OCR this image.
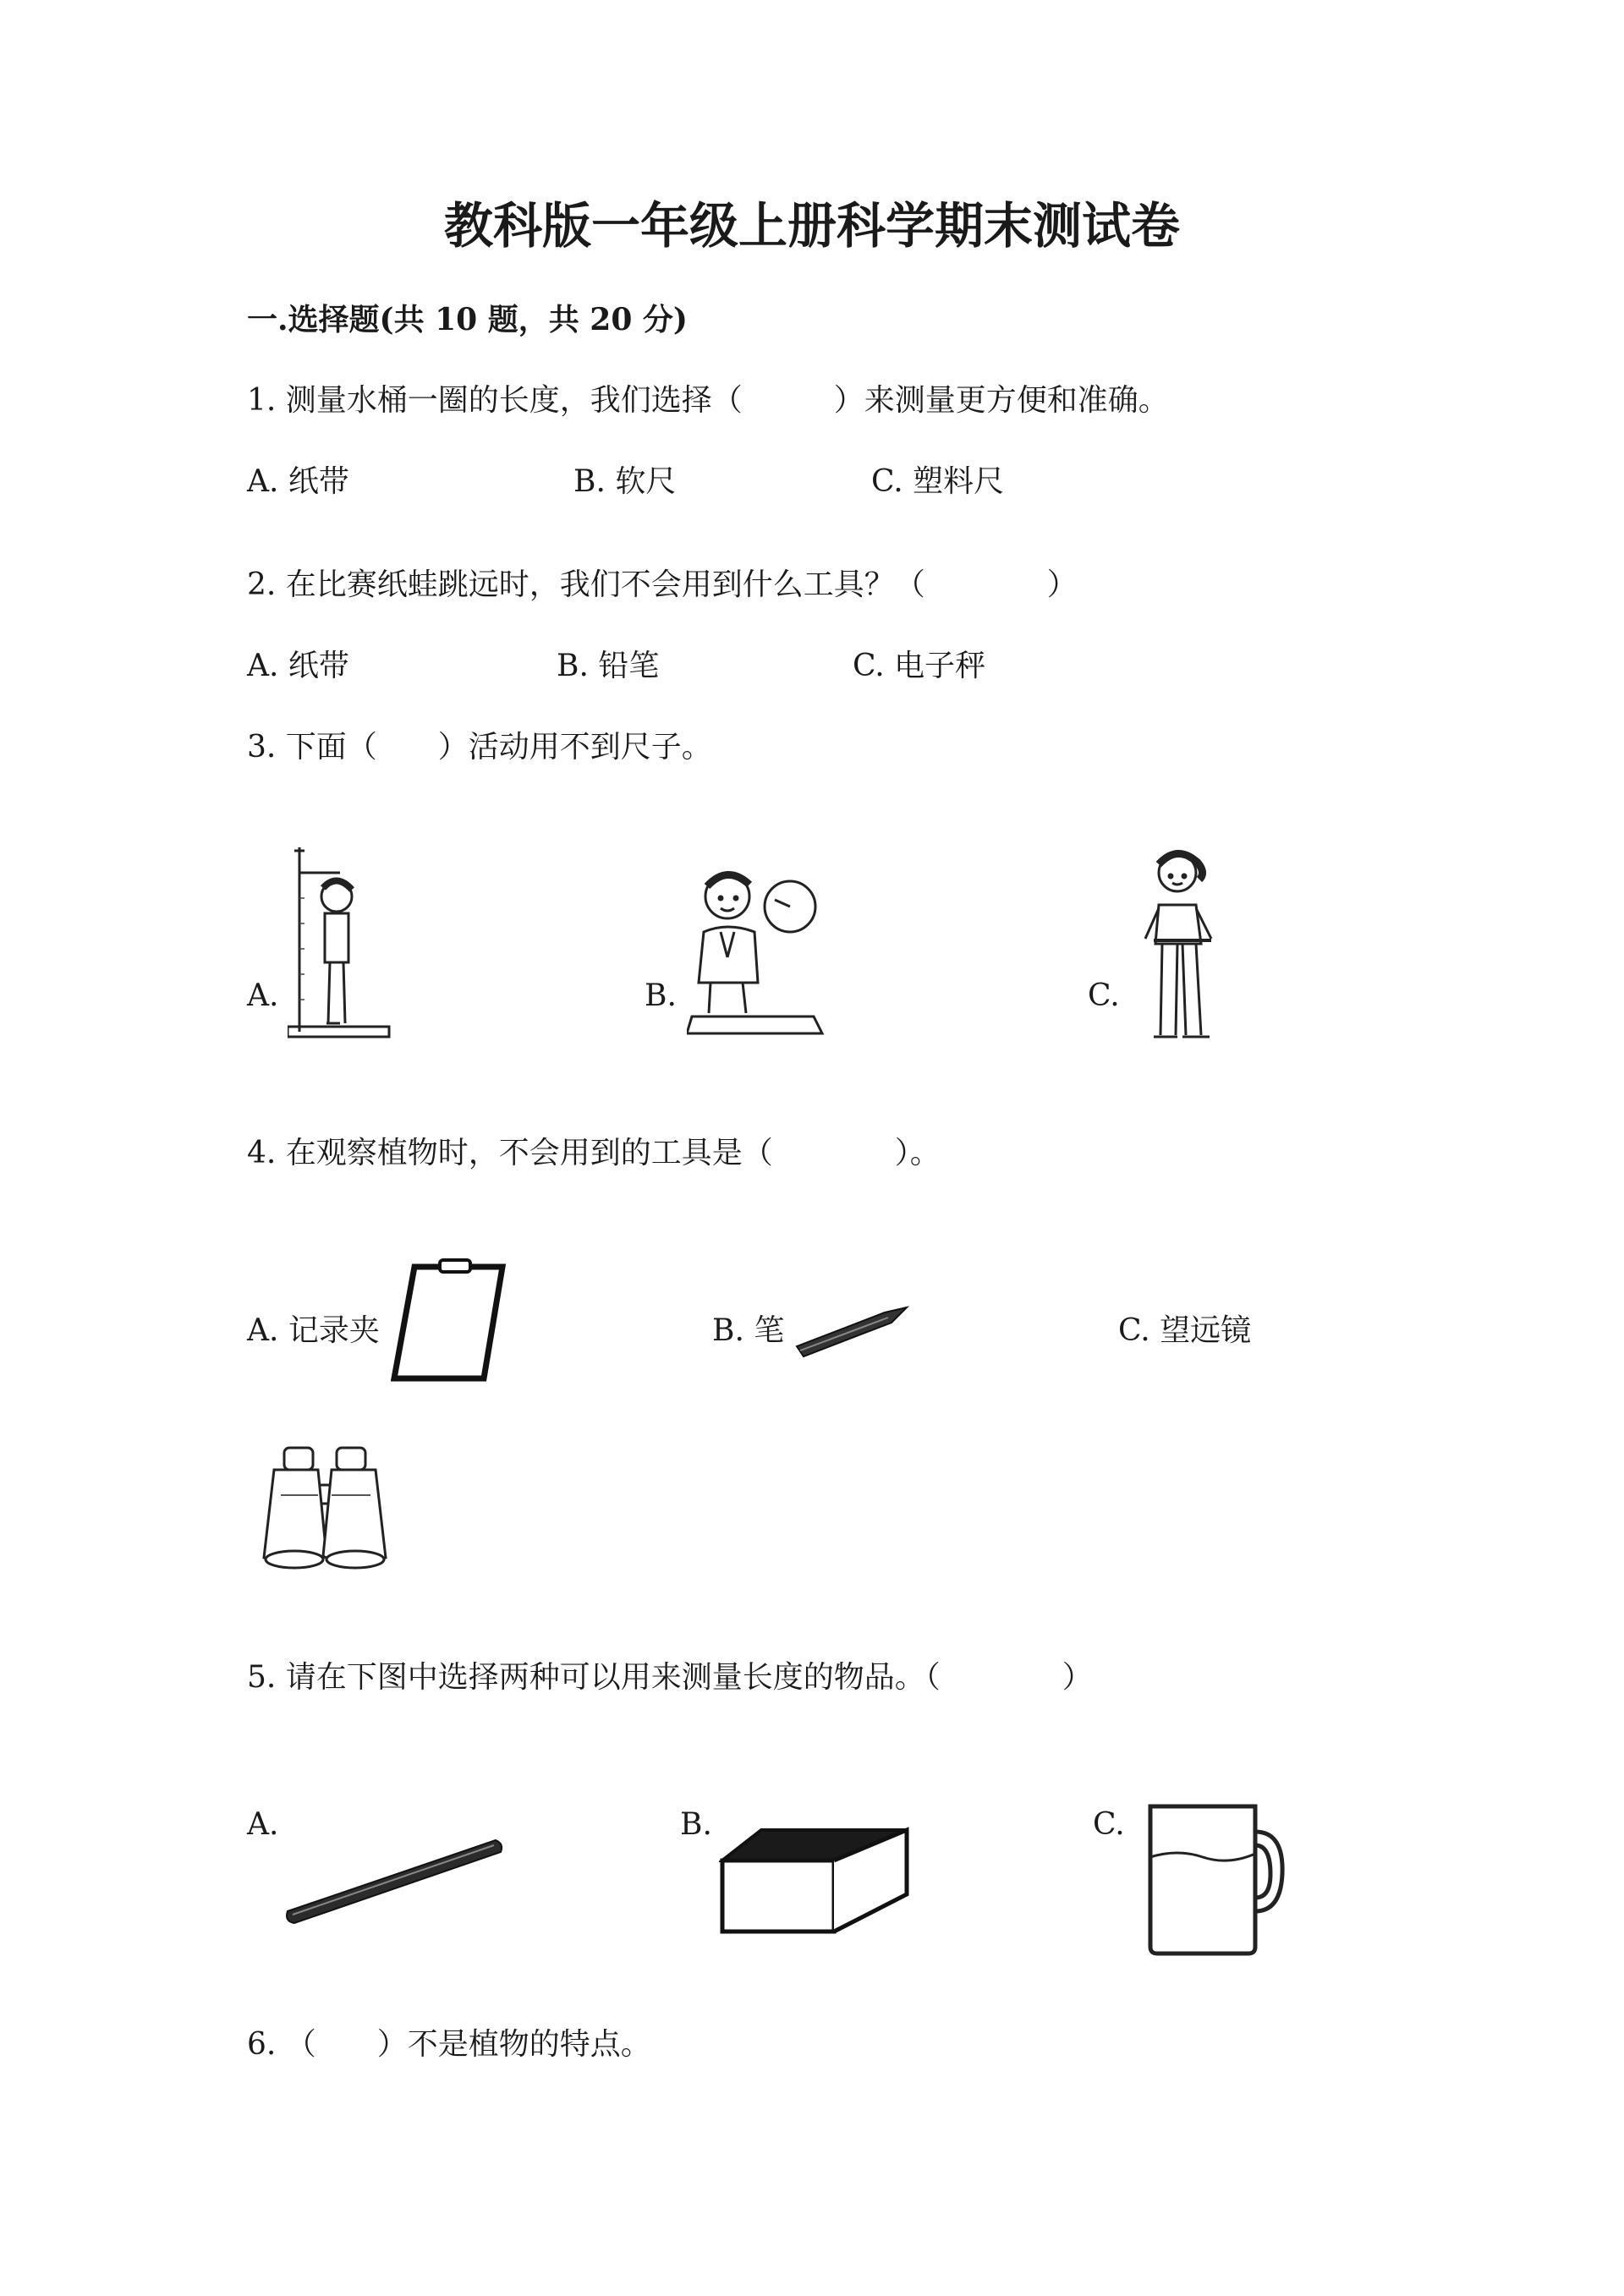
教科版一年级上册科学期末测试卷
一.选择题(共 10 题，共 20 分)
1. 测量水桶一圈的长度，我们选择（　　　）来测量更方便和准确。
A. 纸带	B. 软尺	C. 塑料尺
2. 在比赛纸蛙跳远时，我们不会用到什么工具？（　　　　）
A. 纸带	B. 铅笔	C. 电子秤
3. 下面（　　）活动用不到尺子。
A.	B.	C.
4. 在观察植物时，不会用到的工具是（　　　　）。
A. 记录夹	B. 笔	C. 望远镜
5. 请在下图中选择两种可以用来测量长度的物品。（　　　　）
A.	B.	C.
6. （　　）不是植物的特点。
